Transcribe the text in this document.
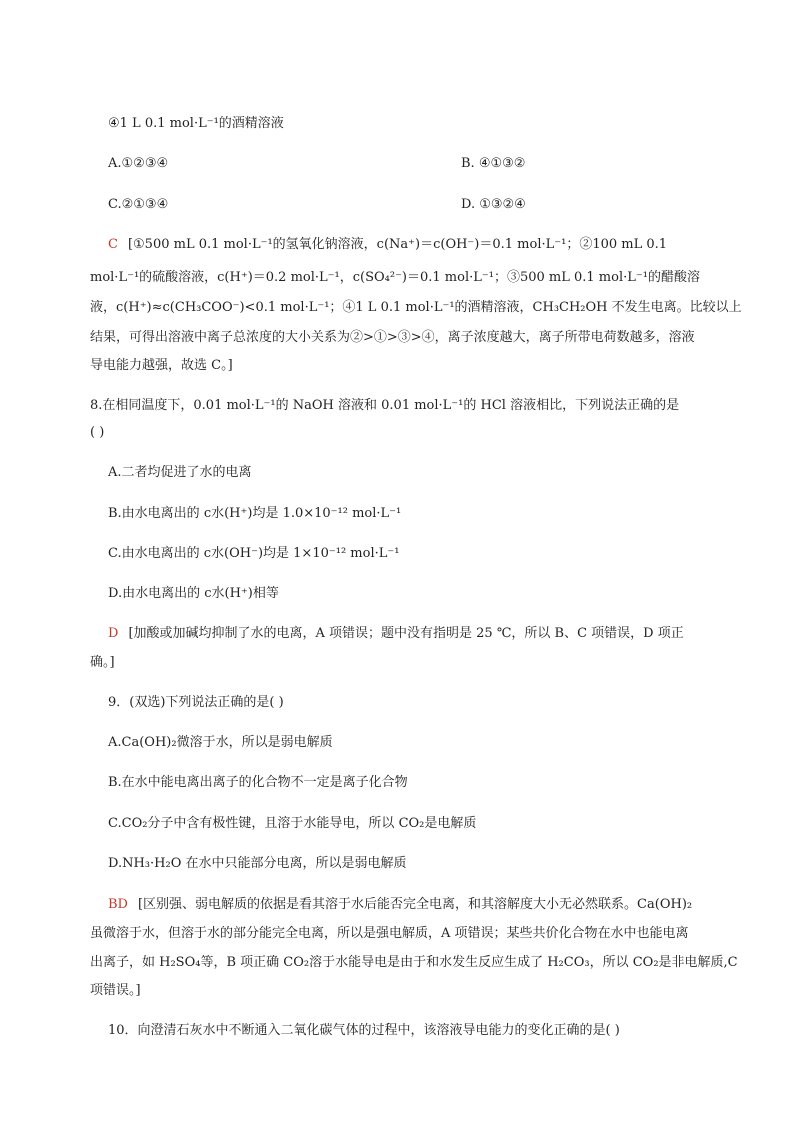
④1 L 0.1 mol·L⁻¹的酒精溶液
A.①②③④	B. ④①③②
C.②①③④	D. ①③②④
C [①500 mL 0.1 mol·L⁻¹的氢氧化钠溶液，c(Na⁺)＝c(OH⁻)＝0.1 mol·L⁻¹；②100 mL 0.1
mol·L⁻¹的硫酸溶液，c(H⁺)＝0.2 mol·L⁻¹，c(SO₄²⁻)＝0.1 mol·L⁻¹；③500 mL 0.1 mol·L⁻¹的醋酸溶
液，c(H⁺)≈c(CH₃COO⁻)<0.1 mol·L⁻¹；④1 L 0.1 mol·L⁻¹的酒精溶液，CH₃CH₂OH 不发生电离。比较以上
结果，可得出溶液中离子总浓度的大小关系为②>①>③>④，离子浓度越大，离子所带电荷数越多，溶液
导电能力越强，故选 C。]
8.在相同温度下，0.01 mol·L⁻¹的 NaOH 溶液和 0.01 mol·L⁻¹的 HCl 溶液相比，下列说法正确的是
( )
A.二者均促进了水的电离
B.由水电离出的 c水(H⁺)均是 1.0×10⁻¹² mol·L⁻¹
C.由水电离出的 c水(OH⁻)均是 1×10⁻¹² mol·L⁻¹
D.由水电离出的 c水(H⁺)相等
D [加酸或加碱均抑制了水的电离，A 项错误；题中没有指明是 25 ℃，所以 B、C 项错误，D 项正
确。]
9．(双选)下列说法正确的是( )
A.Ca(OH)₂微溶于水，所以是弱电解质
B.在水中能电离出离子的化合物不一定是离子化合物
C.CO₂分子中含有极性键，且溶于水能导电，所以 CO₂是电解质
D.NH₃·H₂O 在水中只能部分电离，所以是弱电解质
BD [区别强、弱电解质的依据是看其溶于水后能否完全电离，和其溶解度大小无必然联系。Ca(OH)₂
虽微溶于水，但溶于水的部分能完全电离，所以是强电解质，A 项错误；某些共价化合物在水中也能电离
出离子，如 H₂SO₄等，B 项正确 CO₂溶于水能导电是由于和水发生反应生成了 H₂CO₃，所以 CO₂是非电解质,C
项错误。]
10．向澄清石灰水中不断通入二氧化碳气体的过程中，该溶液导电能力的变化正确的是( )
